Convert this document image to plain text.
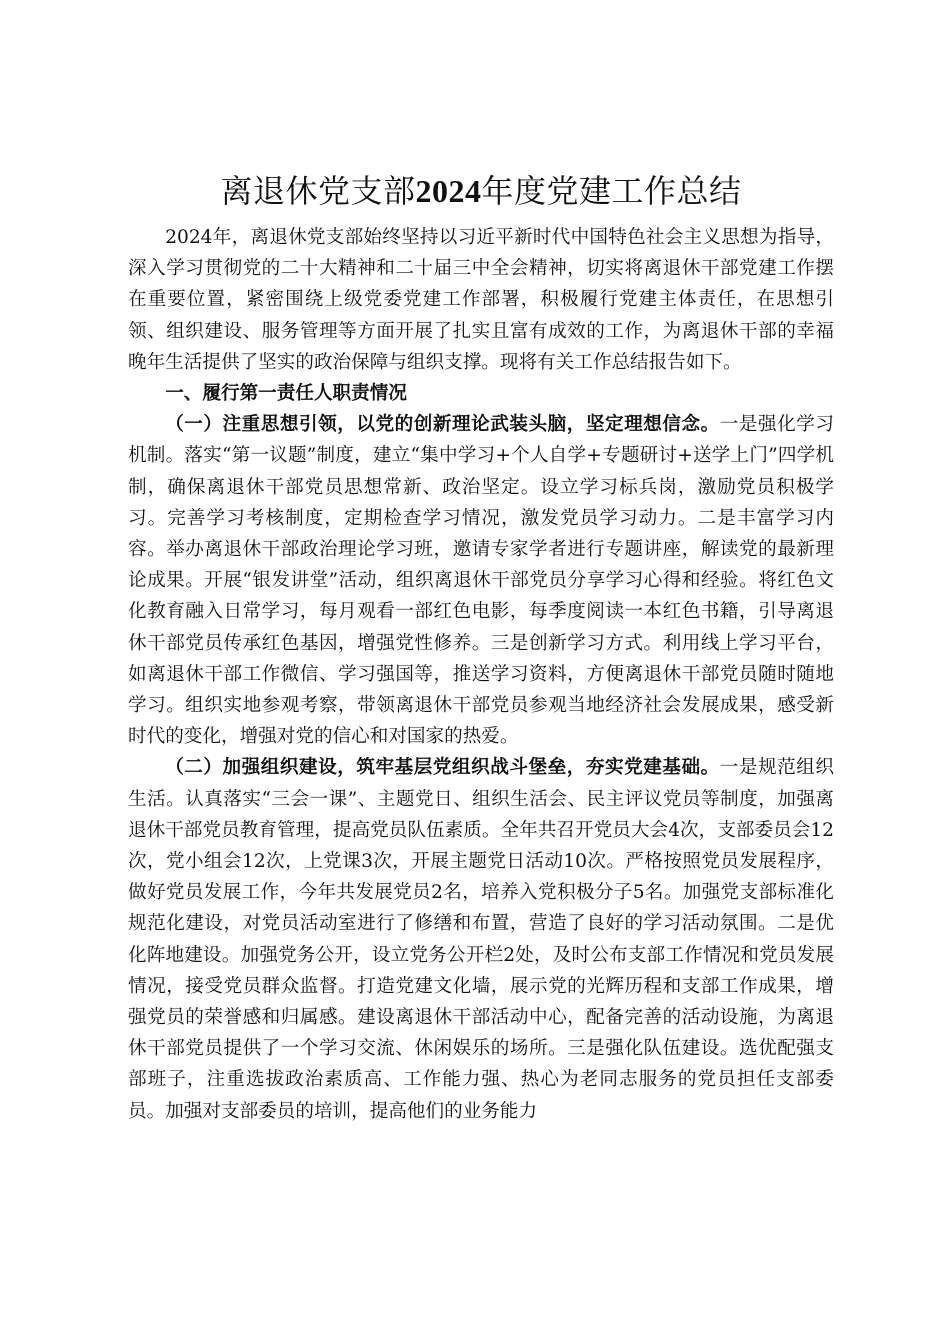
离退休党支部2024年度党建工作总结

2024年，离退休党支部始终坚持以习近平新时代中国特色社会主义思想为指导，深入学习贯彻党的二十大精神和二十届三中全会精神，切实将离退休干部党建工作摆在重要位置，紧密围绕上级党委党建工作部署，积极履行党建主体责任，在思想引领、组织建设、服务管理等方面开展了扎实且富有成效的工作，为离退休干部的幸福晚年生活提供了坚实的政治保障与组织支撑。现将有关工作总结报告如下。

一、履行第一责任人职责情况

（一）注重思想引领，以党的创新理论武装头脑，坚定理想信念。一是强化学习机制。落实“第一议题”制度，建立“集中学习+个人自学+专题研讨+送学上门”四学机制，确保离退休干部党员思想常新、政治坚定。设立学习标兵岗，激励党员积极学习。完善学习考核制度，定期检查学习情况，激发党员学习动力。二是丰富学习内容。举办离退休干部政治理论学习班，邀请专家学者进行专题讲座，解读党的最新理论成果。开展“银发讲堂”活动，组织离退休干部党员分享学习心得和经验。将红色文化教育融入日常学习，每月观看一部红色电影，每季度阅读一本红色书籍，引导离退休干部党员传承红色基因，增强党性修养。三是创新学习方式。利用线上学习平台，如离退休干部工作微信、学习强国等，推送学习资料，方便离退休干部党员随时随地学习。组织实地参观考察，带领离退休干部党员参观当地经济社会发展成果，感受新时代的变化，增强对党的信心和对国家的热爱。

（二）加强组织建设，筑牢基层党组织战斗堡垒，夯实党建基础。一是规范组织生活。认真落实“三会一课”、主题党日、组织生活会、民主评议党员等制度，加强离退休干部党员教育管理，提高党员队伍素质。全年共召开党员大会4次，支部委员会12次，党小组会12次，上党课3次，开展主题党日活动10次。严格按照党员发展程序，做好党员发展工作，今年共发展党员2名，培养入党积极分子5名。加强党支部标准化规范化建设，对党员活动室进行了修缮和布置，营造了良好的学习活动氛围。二是优化阵地建设。加强党务公开，设立党务公开栏2处，及时公布支部工作情况和党员发展情况，接受党员群众监督。打造党建文化墙，展示党的光辉历程和支部工作成果，增强党员的荣誉感和归属感。建设离退休干部活动中心，配备完善的活动设施，为离退休干部党员提供了一个学习交流、休闲娱乐的场所。三是强化队伍建设。选优配强支部班子，注重选拔政治素质高、工作能力强、热心为老同志服务的党员担任支部委员。加强对支部委员的培训，提高他们的业务能力
